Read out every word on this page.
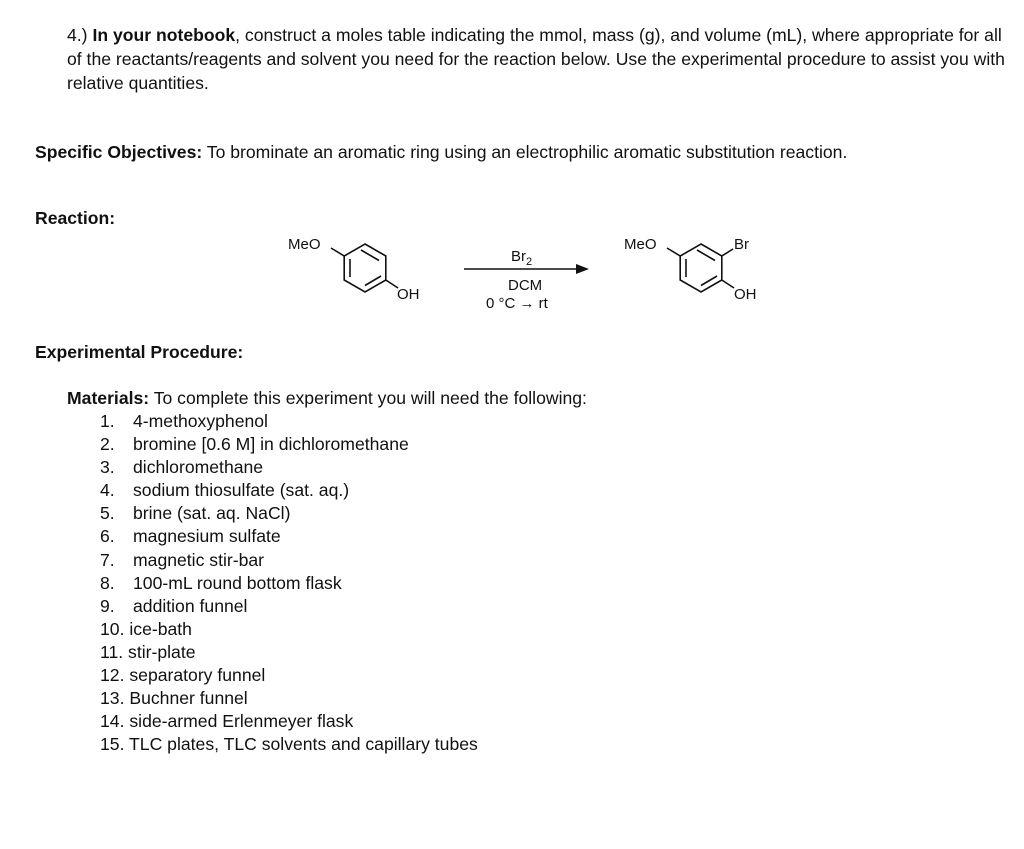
4.) In your notebook, construct a moles table indicating the mmol, mass (g), and volume (mL), where appropriate for all of the reactants/reagents and solvent you need for the reaction below. Use the experimental procedure to assist you with relative quantities.
Specific Objectives: To brominate an aromatic ring using an electrophilic aromatic substitution reaction.
Reaction:
MeO
OH
$Br_2$
DCM
0 °C → rt
MeO	Br
OH
Experimental Procedure:
Materials: To complete this experiment you will need the following:
1. 4-methoxyphenol
2. bromine [0.6 M] in dichloromethane
3. dichloromethane
4. sodium thiosulfate (sat. aq.)
5. brine (sat. aq. NaCl)
6. magnesium sulfate
7. magnetic stir-bar
8. 100-mL round bottom flask
9. addition funnel
10. ice-bath
11. stir-plate
12. separatory funnel
13. Buchner funnel
14. side-armed Erlenmeyer flask
15. TLC plates, TLC solvents and capillary tubes
